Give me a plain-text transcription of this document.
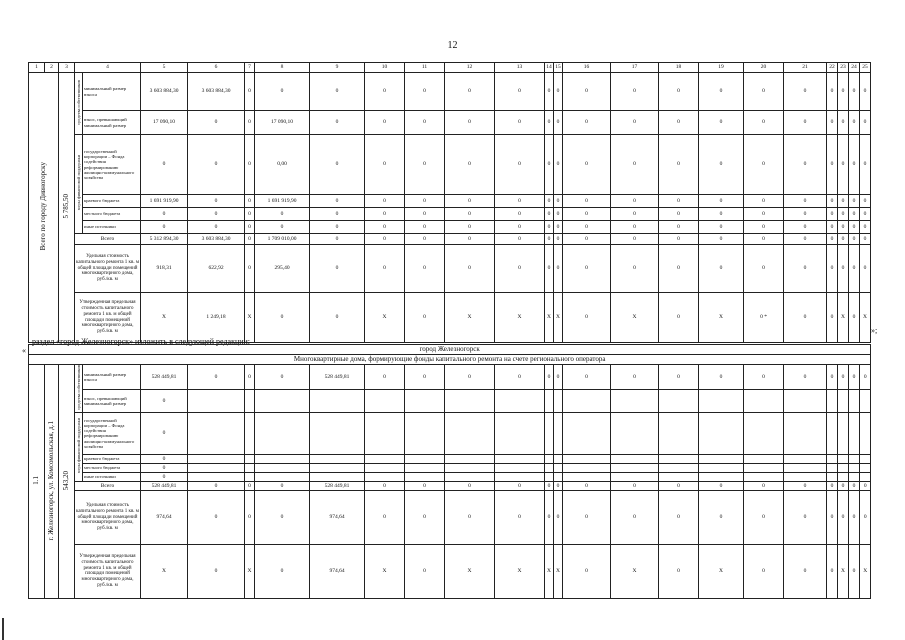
12
1	2	3	4		5	6	7	8	9	10	11	12	13	14	15	16	17	18	19	20	21	22	23	24	25
Всего по городу Дивногорску		5 785,50	средства собственников	минимальный размер взноса	3 603 884,30	3 603 884,30	0	0	0	0	0	0	0	0	0	0	0	0	0	0	0	0	0	0	0
				взнос, превышающий минимальный размер	17 090,10	0	0	17 090,10	0	0	0	0	0	0	0	0	0	0	0	0	0	0	0	0	0
			меры финансовой поддержки	государственной корпорации – Фонда содействия реформированию жилищно-коммунального хозяйства	0	0	0	0,00	0	0	0	0	0	0	0	0	0	0	0	0	0	0	0	0	0
				краевого бюджета	1 691 919,90	0	0	1 691 919,90	0	0	0	0	0	0	0	0	0	0	0	0	0	0	0	0	0
				местного бюджета	0	0	0	0	0	0	0	0	0	0	0	0	0	0	0	0	0	0	0	0	0
				иные источники	0	0	0	0	0	0	0	0	0	0	0	0	0	0	0	0	0	0	0	0	0
			Всего		5 312 894,30	3 603 884,30	0	1 709 010,00	0	0	0	0	0	0	0	0	0	0	0	0	0	0	0	0	0
			Удельная стоимость капитального ремонта 1 кв. м общей площади помещений многоквартирного дома, руб./кв. м		918,31	622,92	0	295,40	0	0	0	0	0	0	0	0	0	0	0	0	0	0	0	0	0
			Утвержденная предельная стоимость капитального ремонта 1 кв. м общей площади помещений многоквартирного дома, руб./кв. м		X	1 249,18	X	0	0	X	0	X	X	X	X	0	X	0	X	0 *	0	0	X	0	X
»;
раздел «город Железногорск» изложить в следующей редакции:
«	город Железногорск																									
Многоквартирные дома, формирующие фонды капитального ремонта на счете регионального оператора																									
1.1	г. Железногорск, ул. Комсомольская, д.1	543,20	средства собственников	минимальный размер взноса	528 449,81	0	0	0	528 449,81	0	0	0	0	0	0	0	0	0	0	0	0	0	0	0	0
				взнос, превышающий минимальный размер	0																				
			меры финансовой поддержки	государственной корпорации – Фонда содействия реформированию жилищно-коммунального хозяйства	0																				
				краевого бюджета	0																				
				местного бюджета	0																				
				иные источники	0																				
			Всего		528 449,81	0	0	0	528 449,81	0	0	0	0	0	0	0	0	0	0	0	0	0	0	0	0
			Удельная стоимость капитального ремонта 1 кв. м общей площади помещений многоквартирного дома, руб./кв. м		974,64	0	0	0	974,64	0	0	0	0	0	0	0	0	0	0	0	0	0	0	0	0
			Утвержденная предельная стоимость капитального ремонта 1 кв. м общей площади помещений многоквартирного дома, руб./кв. м		X	0	X	0	974,64	X	0	X	X	X	X	0	X	0	X	0	0	0	X	0	X
